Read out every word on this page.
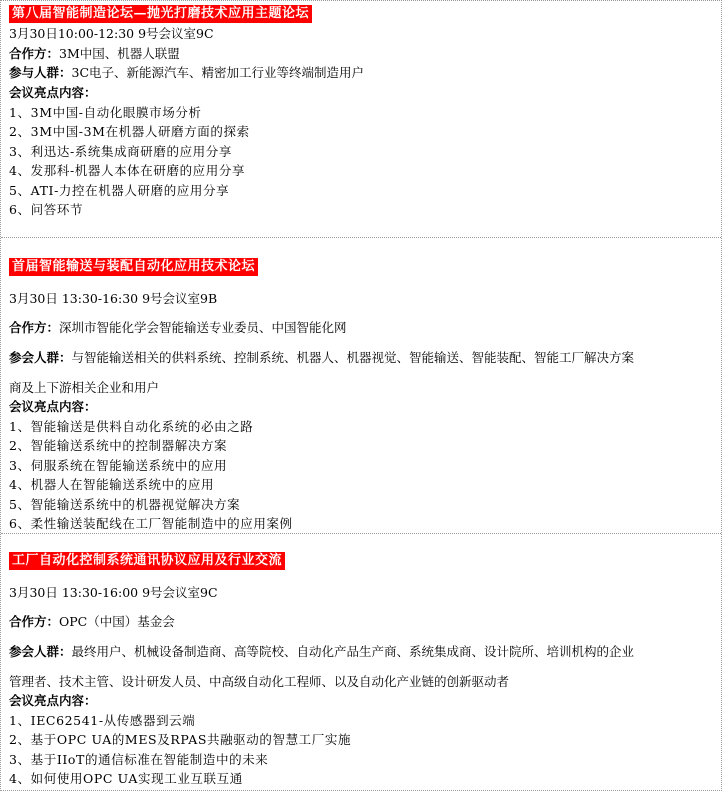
第八届智能制造论坛—抛光打磨技术应用主题论坛
3月30日10:00-12:30 9号会议室9C
合作方：3M中国、机器人联盟
参与人群：3C电子、新能源汽车、精密加工行业等终端制造用户
会议亮点内容：
1、3M中国-自动化眼膜市场分析
2、3M中国-3M在机器人研磨方面的探索
3、利迅达-系统集成商研磨的应用分享
4、发那科-机器人本体在研磨的应用分享
5、ATI-力控在机器人研磨的应用分享
6、问答环节
首届智能输送与装配自动化应用技术论坛
3月30日 13:30-16:30 9号会议室9B
合作方：深圳市智能化学会智能输送专业委员、中国智能化网
参会人群：与智能输送相关的供料系统、控制系统、机器人、机器视觉、智能输送、智能装配、智能工厂解决方案
商及上下游相关企业和用户
会议亮点内容：
1、智能输送是供料自动化系统的必由之路
2、智能输送系统中的控制器解决方案
3、伺服系统在智能输送系统中的应用
4、机器人在智能输送系统中的应用
5、智能输送系统中的机器视觉解决方案
6、柔性输送装配线在工厂智能制造中的应用案例
工厂自动化控制系统通讯协议应用及行业交流
3月30日 13:30-16:00 9号会议室9C
合作方：OPC（中国）基金会
参会人群：最终用户、机械设备制造商、高等院校、自动化产品生产商、系统集成商、设计院所、培训机构的企业
管理者、技术主管、设计研发人员、中高级自动化工程师、以及自动化产业链的创新驱动者
会议亮点内容：
1、IEC62541-从传感器到云端
2、基于OPC UA的MES及RPAS共融驱动的智慧工厂实施
3、基于IIoT的通信标准在智能制造中的未来
4、如何使用OPC UA实现工业互联互通
